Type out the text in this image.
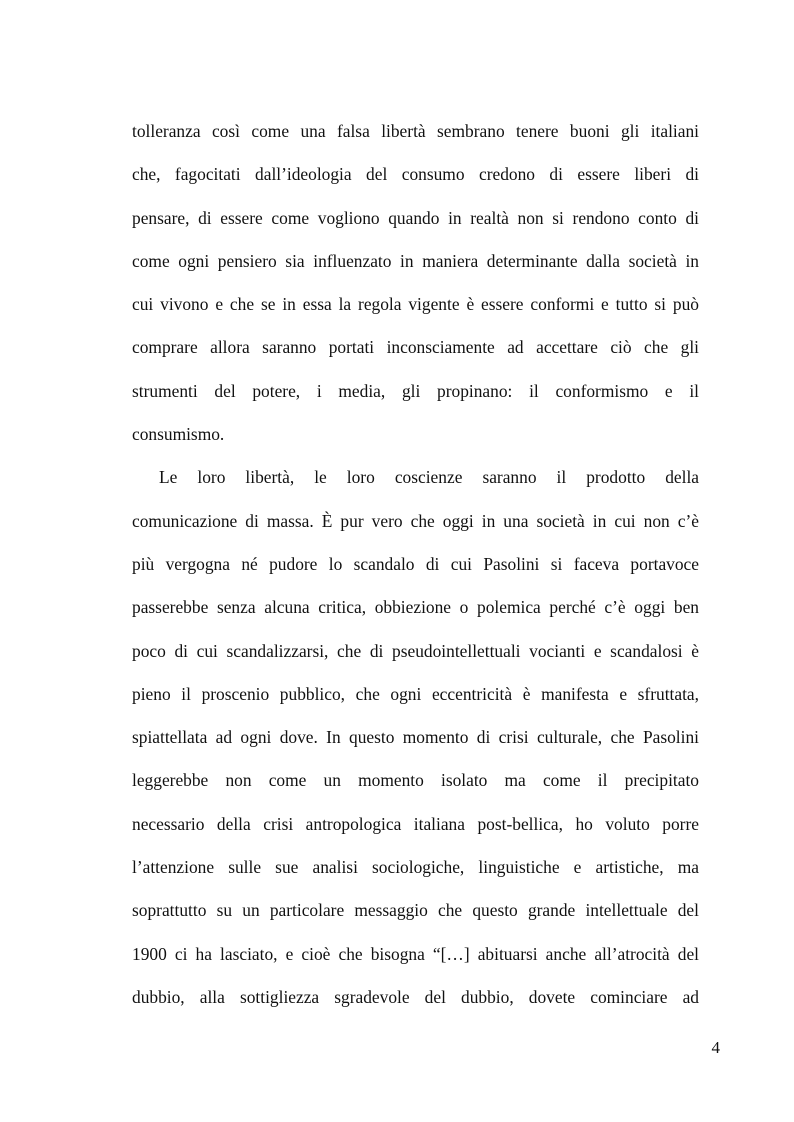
tolleranza così come una falsa libertà sembrano tenere buoni gli italiani
che, fagocitati dall’ideologia del consumo credono di essere liberi di
pensare, di essere come vogliono quando in realtà non si rendono conto di
come ogni pensiero sia influenzato in maniera determinante dalla società in
cui vivono e che se in essa la regola vigente è essere conformi e tutto si può
comprare allora saranno portati inconsciamente ad accettare ciò che gli
strumenti del potere, i media, gli propinano: il conformismo e il
consumismo.
Le loro libertà, le loro coscienze saranno il prodotto della
comunicazione di massa. È pur vero che oggi in una società in cui non c’è
più vergogna né pudore lo scandalo di cui Pasolini si faceva portavoce
passerebbe senza alcuna critica, obbiezione o polemica perché c’è oggi ben
poco di cui scandalizzarsi, che di pseudointellettuali vocianti e scandalosi è
pieno il proscenio pubblico, che ogni eccentricità è manifesta e sfruttata,
spiattellata ad ogni dove. In questo momento di crisi culturale, che Pasolini
leggerebbe non come un momento isolato ma come il precipitato
necessario della crisi antropologica italiana post-bellica, ho voluto porre
l’attenzione sulle sue analisi sociologiche, linguistiche e artistiche, ma
soprattutto su un particolare messaggio che questo grande intellettuale del
1900 ci ha lasciato, e cioè che bisogna “[…] abituarsi anche all’atrocità del
dubbio, alla sottigliezza sgradevole del dubbio, dovete cominciare ad
4
